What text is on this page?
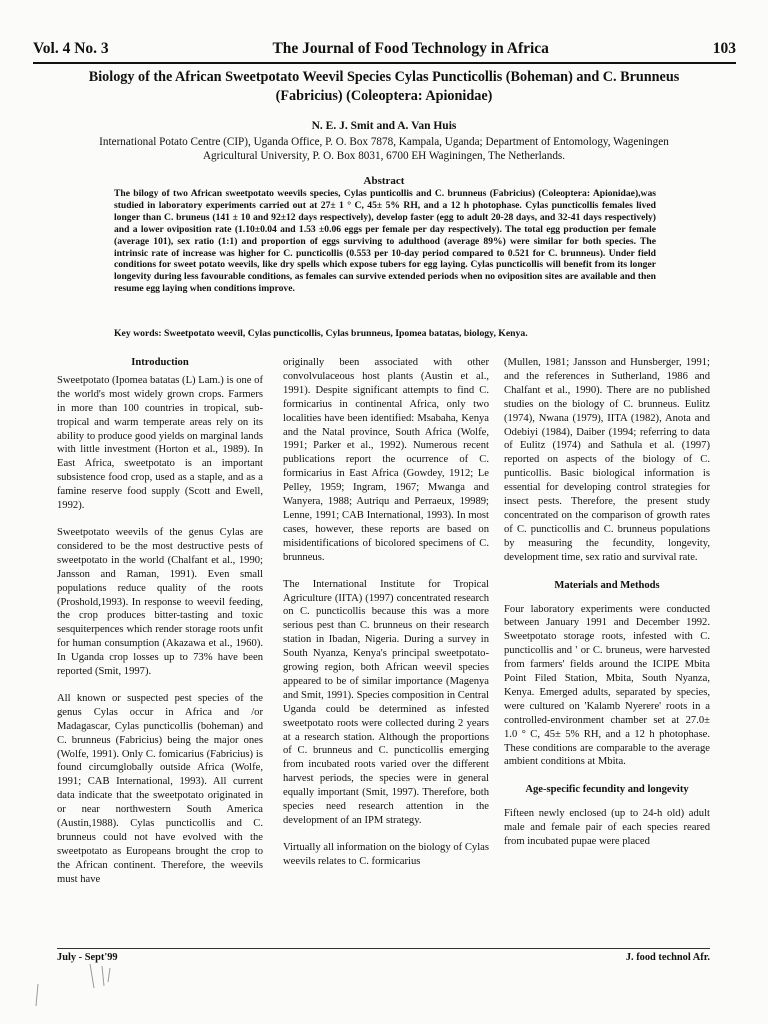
Vol. 4 No. 3	The Journal of Food Technology in Africa	103
Biology of the African Sweetpotato Weevil Species Cylas Puncticollis (Boheman) and C. Brunneus
(Fabricius) (Coleoptera: Apionidae)
N. E. J. Smit and A. Van Huis
International Potato Centre (CIP), Uganda Office, P. O. Box 7878, Kampala, Uganda; Department of Entomology, Wageningen
Agricultural University, P. O. Box 8031, 6700 EH Waginingen, The Netherlands.
Abstract
The bilogy of two African sweetpotato weevils species, Cylas punticollis and C. brunneus (Fabricius) (Coleoptera: Apionidae),was studied in laboratory experiments carried out at 27± 1 ° C, 45± 5% RH, and a 12 h photophase. Cylas puncticollis females lived longer than C. bruneus (141 ± 10 and 92±12 days respectively), develop faster (egg to adult 20-28 days, and 32-41 days respectively) and a lower oviposition rate (1.10±0.04 and 1.53 ±0.06 eggs per female per day respectively). The total egg production per female (average 101), sex ratio (1:1) and proportion of eggs surviving to adulthood (average 89%) were similar for both species. The intrinsic rate of increase was higher for C. puncticollis (0.553 per 10-day period compared to 0.521 for C. brunneus). Under field conditions for sweet potato weevils, like dry spells which expose tubers for egg laying. Cylas puncticollis will benefit from its longer longevity during less favourable conditions, as females can survive extended periods when no oviposition sites are available and then resume egg laying when conditions improve.
Key words: Sweetpotato weevil, Cylas puncticollis, Cylas brunneus, Ipomea batatas, biology, Kenya.
Introduction

Sweetpotato (Ipomea batatas (L) Lam.) is one of the world's most widely grown crops. Farmers in more than 100 countries in tropical, sub-tropical and warm temperate areas rely on its ability to produce good yields on marginal lands with little investment (Horton et al., 1989). In East Africa, sweetpotato is an important subsistence food crop, used as a staple, and as a famine reserve food supply (Scott and Ewell, 1992).

Sweetpotato weevils of the genus Cylas are considered to be the most destructive pests of sweetpotato in the world (Chalfant et al., 1990; Jansson and Raman, 1991). Even small populations reduce quality of the roots (Proshold,1993). In response to weevil feeding, the crop produces bitter-tasting and toxic sesquiterpences which render storage roots unfit for human consumption (Akazawa et al., 1960). In Uganda crop losses up to 73% have been reported (Smit, 1997).

All known or suspected pest species of the genus Cylas occur in Africa and /or Madagascar, Cylas puncticollis (boheman) and C. brunneus (Fabricius) being the major ones (Wolfe, 1991). Only C. fomicarius (Fabricius) is found circumglobally outside Africa (Wolfe, 1991; CAB International, 1993). All current data indicate that the sweetpotato originated in or near northwestern South America (Austin,1988). Cylas puncticollis and C. brunneus could not have evolved with the sweetpotato as Europeans brought the crop to the African continent. Therefore, the weevils must have

originally been associated with other convolvulaceous host plants (Austin et al., 1991). Despite significant attempts to find C. formicarius in continental Africa, only two localities have been identified: Msabaha, Kenya and the Natal province, South Africa (Wolfe, 1991; Parker et al., 1992). Numerous recent publications report the ocurrence of C. formicarius in East Africa (Gowdey, 1912; Le Pelley, 1959; Ingram, 1967; Mwanga and Wanyera, 1988; Autriqu and Perraeux, 19989; Lenne, 1991; CAB International, 1993). In most cases, however, these reports are based on misidentifications of bicolored specimens of C. brunneus.

The International Institute for Tropical Agriculture (IITA) (1997) concentrated research on C. puncticollis because this was a more serious pest than C. brunneus on their research station in Ibadan, Nigeria. During a survey in South Nyanza, Kenya's principal sweetpotato-growing region, both African weevil species appeared to be of similar importance (Magenya and Smit, 1991). Species composition in Central Uganda could be determined as infested sweetpotato roots were collected during 2 years at a research station. Although the proportions of C. brunneus and C. puncticollis emerging from incubated roots varied over the different harvest periods, the species were in general equally important (Smit, 1997). Therefore, both species need research attention in the development of an IPM strategy.

Virtually all information on the biology of Cylas weevils relates to C. formicarius

(Mullen, 1981; Jansson and Hunsberger, 1991; and the references in Sutherland, 1986 and Chalfant et al., 1990). There are no published studies on the biology of C. brunneus. Eulitz (1974), Nwana (1979), IITA (1982), Anota and Odebiyi (1984), Daiber (1994; referring to data of Eulitz (1974) and Sathula et al. (1997) reported on aspects of the biology of C. punticollis. Basic biological information is essential for developing control strategies for insect pests. Therefore, the present study concentrated on the comparison of growth rates of C. puncticollis and C. brunneus populations by measuring the fecundity, longevity, development time, sex ratio and survival rate.

Materials and Methods

Four laboratory experiments were conducted between January 1991 and December 1992. Sweetpotato storage roots, infested with C. puncticollis and ' or C. bruneus, were harvested from farmers' fields around the ICIPE Mbita Point Filed Station, Mbita, South Nyanza, Kenya. Emerged adults, separated by species, were cultured on 'Kalamb Nyerere' roots in a controlled-environment chamber set at 27.0± 1.0 ° C, 45± 5% RH, and a 12 h photophase. These conditions are comparable to the average ambient conditions at Mbita.

Age-specific fecundity and longevity

Fifteen newly enclosed (up to 24-h old) adult male and female pair of each species reared from incubated pupae were placed

July - Sept'99	J. food technol Afr.
